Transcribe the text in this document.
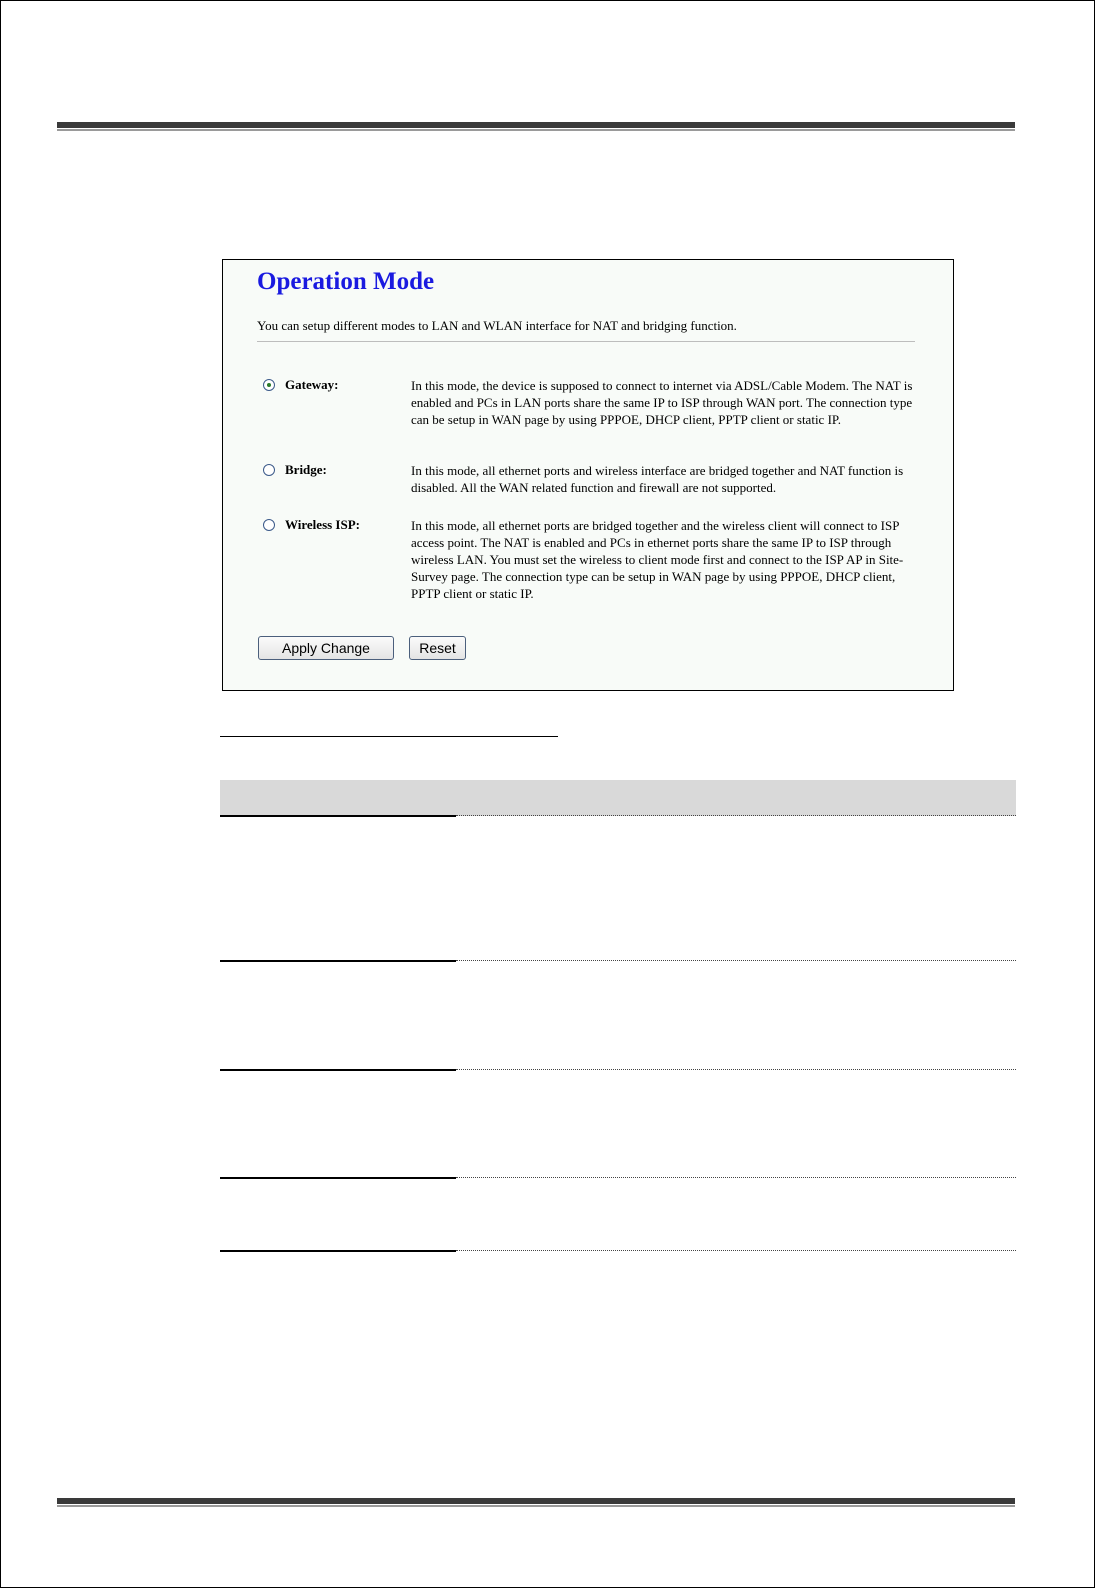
Operation Mode
You can setup different modes to LAN and WLAN interface for NAT and bridging function.
Gateway:	In this mode, the device is supposed to connect to internet via ADSL/Cable Modem. The NAT is enabled and PCs in LAN ports share the same IP to ISP through WAN port. The connection type can be setup in WAN page by using PPPOE, DHCP client, PPTP client or static IP.
Bridge:	In this mode, all ethernet ports and wireless interface are bridged together and NAT function is disabled. All the WAN related function and firewall are not supported.
Wireless ISP:	In this mode, all ethernet ports are bridged together and the wireless client will connect to ISP access point. The NAT is enabled and PCs in ethernet ports share the same IP to ISP through wireless LAN. You must set the wireless to client mode first and connect to the ISP AP in Site-Survey page. The connection type can be setup in WAN page by using PPPOE, DHCP client, PPTP client or static IP.
Apply Change	Reset
